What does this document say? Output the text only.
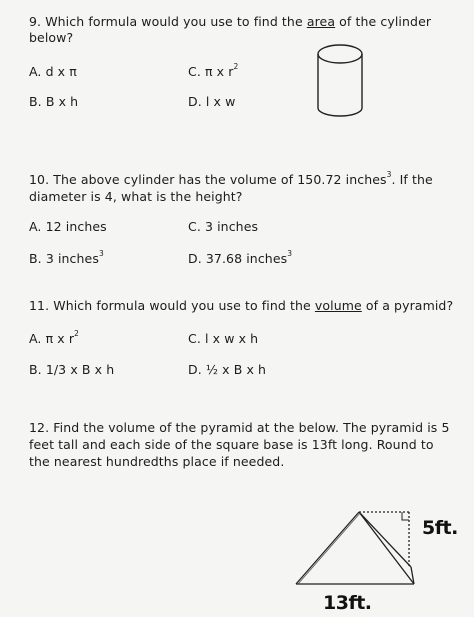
9. Which formula would you use to find the area of the cylinder
below?
A. d x π	C. π x $r^2$
B. B x h	D. l x w
10. The above cylinder has the volume of 150.72 inches$^3$. If the
diameter is 4, what is the height?
A. 12 inches	C. 3 inches
B. 3 inches$^3$	D. 37.68 inches$^3$
11. Which formula would you use to find the volume of a pyramid?
A. π x $r^2$	C. l x w x h
B. 1/3 x B x h	D. ½ x B x h
12. Find the volume of the pyramid at the below. The pyramid is 5
feet tall and each side of the square base is 13ft long. Round to
the nearest hundredths place if needed.
5ft.
13ft.
